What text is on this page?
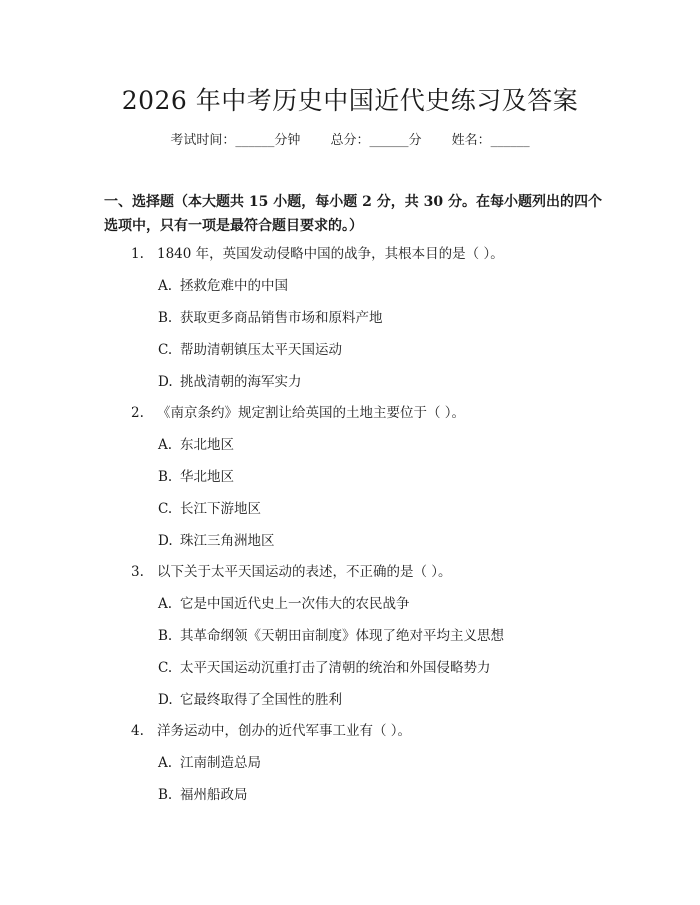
2026 年中考历史中国近代史练习及答案
考试时间：______分钟 总分：______分 姓名：______
一、选择题（本大题共 15 小题，每小题 2 分，共 30 分。在每小题列出的四个选项中，只有一项是最符合题目要求的。）
1. 1840 年，英国发动侵略中国的战争，其根本目的是（ ）。
A. 拯救危难中的中国
B. 获取更多商品销售市场和原料产地
C. 帮助清朝镇压太平天国运动
D. 挑战清朝的海军实力
2. 《南京条约》规定割让给英国的土地主要位于（ ）。
A. 东北地区
B. 华北地区
C. 长江下游地区
D. 珠江三角洲地区
3. 以下关于太平天国运动的表述，不正确的是（ ）。
A. 它是中国近代史上一次伟大的农民战争
B. 其革命纲领《天朝田亩制度》体现了绝对平均主义思想
C. 太平天国运动沉重打击了清朝的统治和外国侵略势力
D. 它最终取得了全国性的胜利
4. 洋务运动中，创办的近代军事工业有（ ）。
A. 江南制造总局
B. 福州船政局
